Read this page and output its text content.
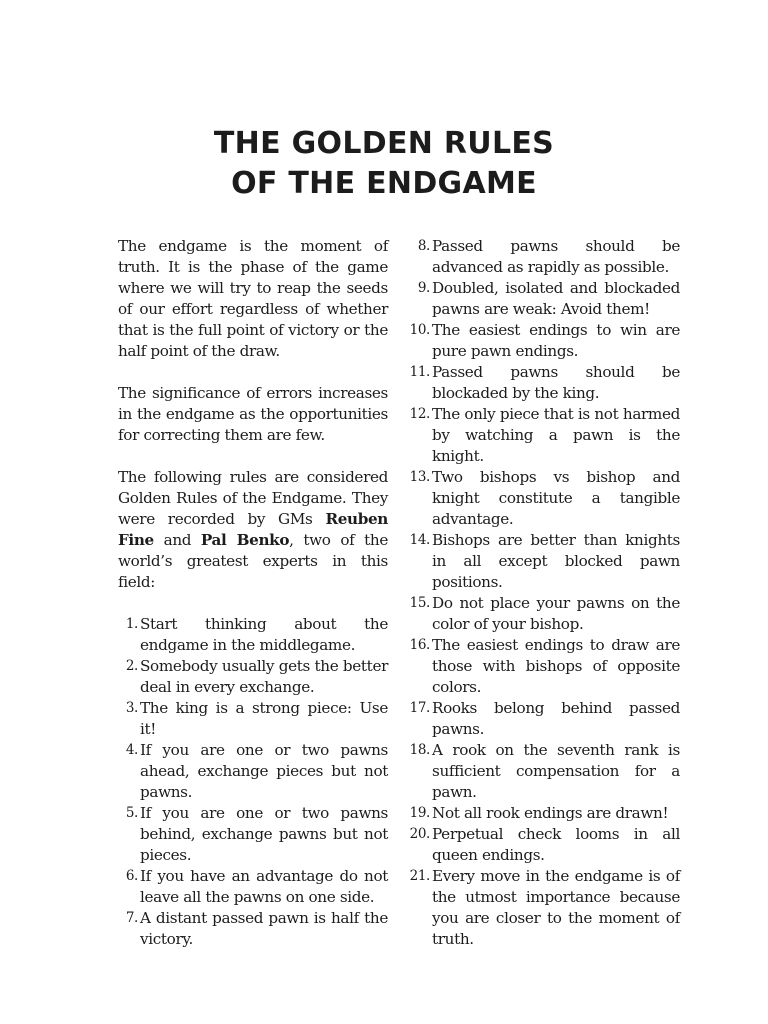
THE GOLDEN RULES
OF THE ENDGAME

The endgame is the moment of truth. It is the phase of the game where we will try to reap the seeds of our effort regardless of whether that is the full point of victory or the half point of the draw.

The significance of errors increases in the endgame as the opportunities for correcting them are few.

The following rules are considered Golden Rules of the Endgame. They were recorded by GMs Reuben Fine and Pal Benko, two of the world’s greatest experts in this field:

1. Start thinking about the endgame in the middlegame.
2. Somebody usually gets the better deal in every exchange.
3. The king is a strong piece: Use it!
4. If you are one or two pawns ahead, exchange pieces but not pawns.
5. If you are one or two pawns behind, exchange pawns but not pieces.
6. If you have an advantage do not leave all the pawns on one side.
7. A distant passed pawn is half the victory.
8. Passed pawns should be advanced as rapidly as possible.
9. Doubled, isolated and blockaded pawns are weak: Avoid them!
10. The easiest endings to win are pure pawn endings.
11. Passed pawns should be blockaded by the king.
12. The only piece that is not harmed by watching a pawn is the knight.
13. Two bishops vs bishop and knight constitute a tangible advantage.
14. Bishops are better than knights in all except blocked pawn positions.
15. Do not place your pawns on the color of your bishop.
16. The easiest endings to draw are those with bishops of opposite colors.
17. Rooks belong behind passed pawns.
18. A rook on the seventh rank is sufficient compensation for a pawn.
19. Not all rook endings are drawn!
20. Perpetual check looms in all queen endings.
21. Every move in the endgame is of the utmost importance because you are closer to the moment of truth.
